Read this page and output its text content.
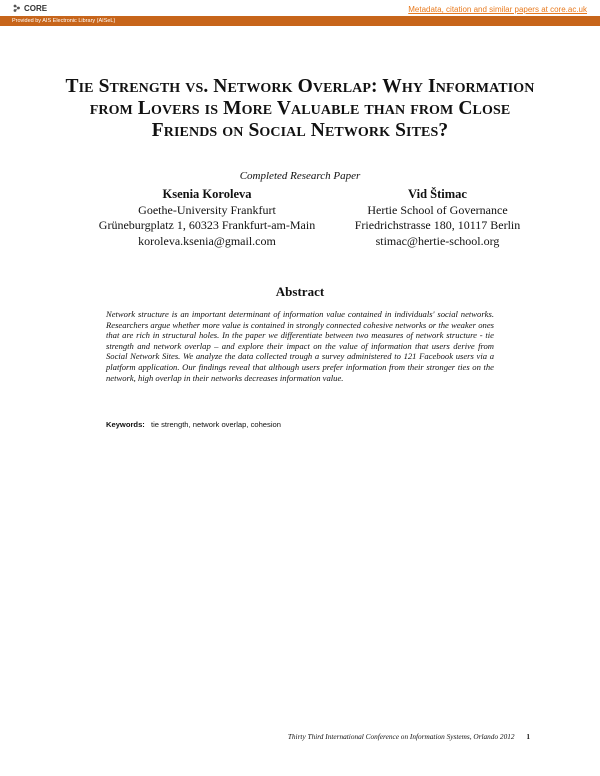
CORE	Metadata, citation and similar papers at core.ac.uk
Provided by AIS Electronic Library (AISeL)
Tie Strength vs. Network Overlap: Why Information from Lovers is More Valuable than from Close Friends on Social Network Sites?
Completed Research Paper
Ksenia Koroleva
Goethe-University Frankfurt
Grüneburgplatz 1, 60323 Frankfurt-am-Main
koroleva.ksenia@gmail.com
Vid Štimac
Hertie School of Governance
Friedrichstrasse 180, 10117 Berlin
stimac@hertie-school.org
Abstract

Network structure is an important determinant of information value contained in individuals' social networks. Researchers argue whether more value is contained in strongly connected cohesive networks or the weaker ones that are rich in structural holes. In the paper we differentiate between two measures of network structure - tie strength and network overlap – and explore their impact on the value of information that users derive from Social Network Sites. We analyze the data collected trough a survey administered to 121 Facebook users via a platform application. Our findings reveal that although users prefer information from their stronger ties on the network, high overlap in their networks decreases information value.

Keywords: tie strength, network overlap, cohesion
Thirty Third International Conference on Information Systems, Orlando 2012 1
